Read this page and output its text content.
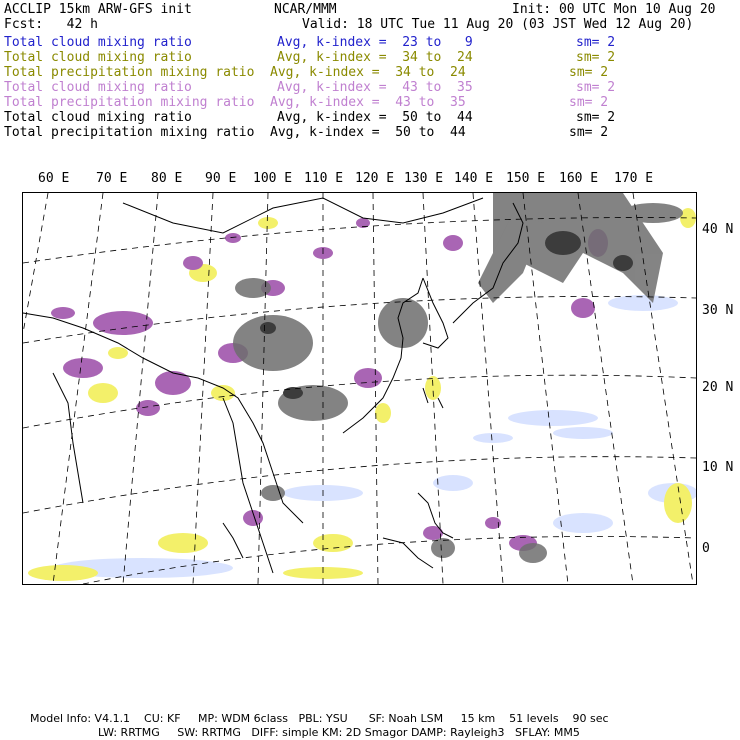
ACCLIP 15km ARW-GFS init	NCAR/MMM	Init: 00 UTC Mon 10 Aug 20
Fcst:   42 h	Valid: 18 UTC Tue 11 Aug 20 (03 JST Wed 12 Aug 20)
Total cloud mixing ratio	Avg, k-index =  23 to   9	sm= 2
Total cloud mixing ratio	Avg, k-index =  34 to  24	sm= 2
Total precipitation mixing ratio Avg, k-index =  34 to  24	sm= 2
Total cloud mixing ratio	Avg, k-index =  43 to  35	sm= 2
Total precipitation mixing ratio Avg, k-index =  43 to  35	sm= 2
Total cloud mixing ratio	Avg, k-index =  50 to  44	sm= 2
Total precipitation mixing ratio Avg, k-index =  50 to  44	sm= 2
60 E 70 E 80 E 90 E 100 E 110 E 120 E 130 E 140 E 150 E 160 E 170 E
40 N
30 N
20 N
10 N
0
Model Info: V4.1.1    CU: KF     MP: WDM 6class   PBL: YSU      SF: Noah LSM     15 km    51 levels    90 sec
LW: RRTMG     SW: RRTMG   DIFF: simple KM: 2D Smagor DAMP: Rayleigh3   SFLAY: MM5
